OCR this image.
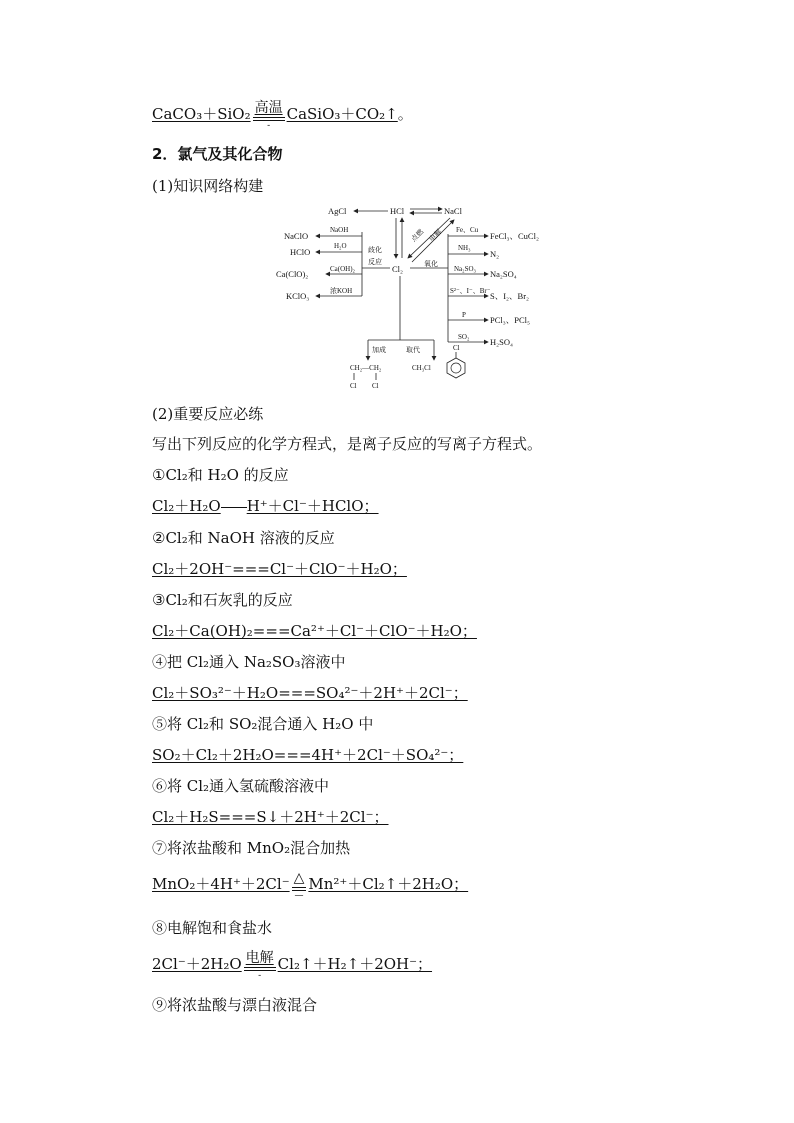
CaCO₃＋SiO₂ 高温
-
CaSiO₃＋CO₂↑。
2．氯气及其化合物
(1)知识网络构建
AgCl	HCl	NaCl
点燃 电解
Cl₂
歧化
反应	氧化
NaClO
NaOH
HClO
H₂O
Ca(ClO)₂	Ca(OH)₂
KClO₃	浓KOH
Fe、Cu
FeCl₃、CuCl₂
NH₃
N₂
Na₂SO₃ Na₂SO₄
S²⁻、I⁻、Br⁻ S、I₂、Br₂
P	PCl₃、PCl₅
SO₂ H₂SO₄
加成	取代
CH₂—CH₂
Cl Cl
CH₃Cl
Cl
(2)重要反应必练
写出下列反应的化学方程式，是离子反应的写离子方程式。
①Cl₂和 H₂O 的反应
Cl₂＋H₂O H⁺＋Cl⁻＋HClO；
②Cl₂和 NaOH 溶液的反应
Cl₂＋2OH⁻===Cl⁻＋ClO⁻＋H₂O；
③Cl₂和石灰乳的反应
Cl₂＋Ca(OH)₂===Ca²⁺＋Cl⁻＋ClO⁻＋H₂O；
④把 Cl₂通入 Na₂SO₃溶液中
Cl₂＋SO₃²⁻＋H₂O===SO₄²⁻＋2H⁺＋2Cl⁻；
⑤将 Cl₂和 SO₂混合通入 H₂O 中
SO₂＋Cl₂＋2H₂O===4H⁺＋2Cl⁻＋SO₄²⁻；
⑥将 Cl₂通入氢硫酸溶液中
Cl₂＋H₂S===S↓＋2H⁺＋2Cl⁻；
⑦将浓盐酸和 MnO₂混合加热
MnO₂＋4H⁺＋2Cl⁻ △
—
Mn²⁺＋Cl₂↑＋2H₂O；
⑧电解饱和食盐水
2Cl⁻＋2H₂O 电解
-
Cl₂↑＋H₂↑＋2OH⁻；
⑨将浓盐酸与漂白液混合
